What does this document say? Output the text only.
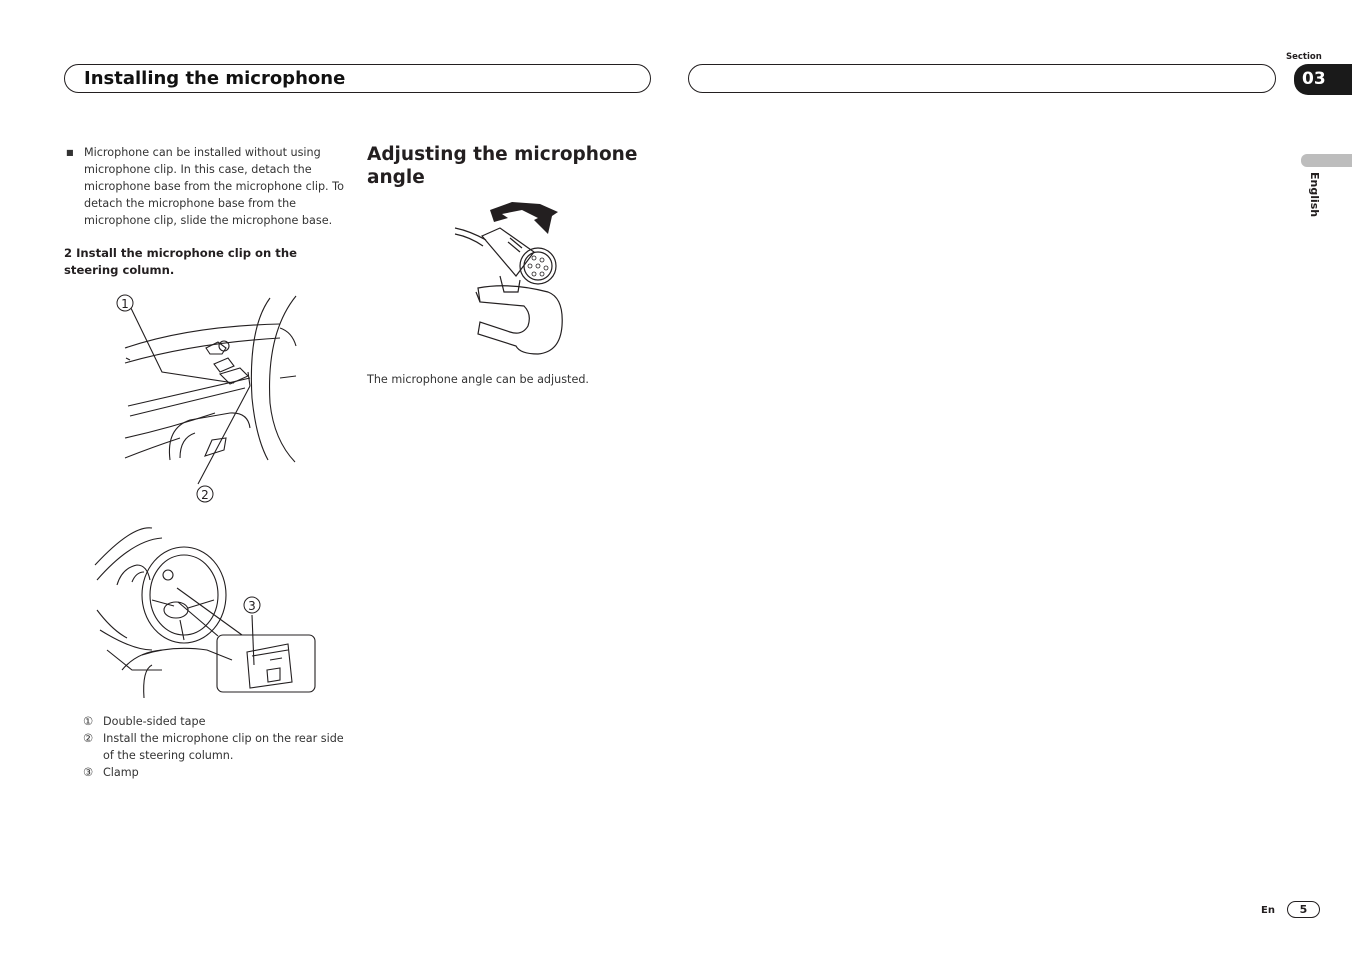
Installing the microphone
Section
03
English
■ Microphone can be installed without using microphone clip. In this case, detach the microphone base from the microphone clip. To detach the microphone base from the microphone clip, slide the microphone base.
2 Install the microphone clip on the steering column.
1
2
3
① Double-sided tape
② Install the microphone clip on the rear side of the steering column.
③ Clamp
Adjusting the microphone angle
The microphone angle can be adjusted.
En	5
